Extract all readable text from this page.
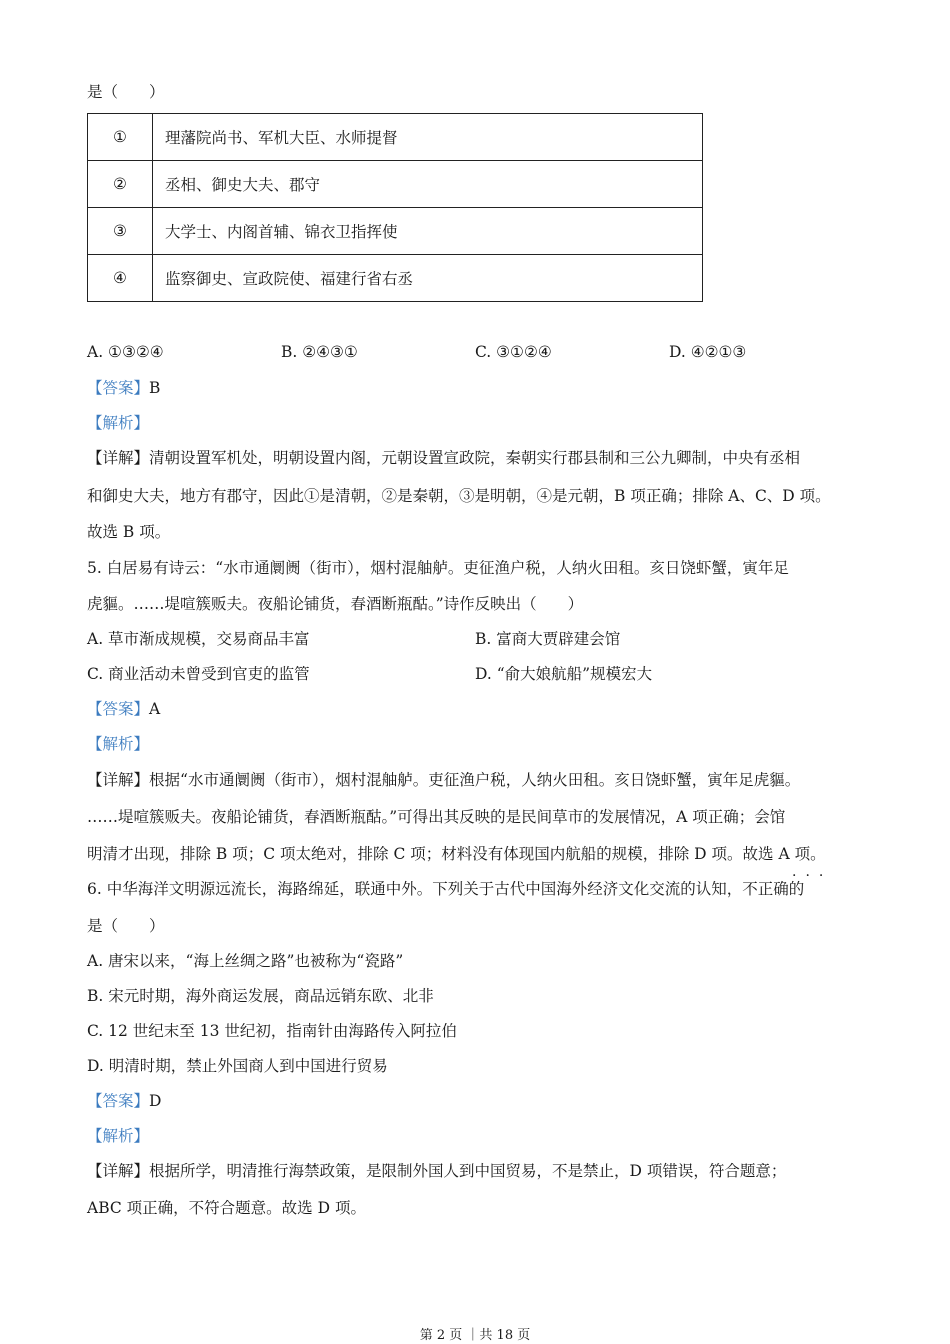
是（　　）
①	理藩院尚书、军机大臣、水师提督
②	丞相、御史大夫、郡守
③	大学士、内阁首辅、锦衣卫指挥使
④	监察御史、宣政院使、福建行省右丞
A. ①③②④	B. ②④③①	C. ③①②④	D. ④②①③
【答案】B
【解析】
【详解】清朝设置军机处，明朝设置内阁，元朝设置宣政院，秦朝实行郡县制和三公九卿制，中央有丞相
和御史大夫，地方有郡守，因此①是清朝，②是秦朝，③是明朝，④是元朝，B 项正确；排除 A、C、D 项。
故选 B 项。
5. 白居易有诗云：“水市通阛阓（街市），烟村混舳舻。吏征渔户税，人纳火田租。亥日饶虾蟹，寅年足
虎貙。……堤喧簇贩夫。夜船论铺货，春酒断瓶酤。”诗作反映出（　　）
A. 草市渐成规模，交易商品丰富	B. 富商大贾辟建会馆
C. 商业活动未曾受到官吏的监管	D. “俞大娘航船”规模宏大
【答案】A
【解析】
【详解】根据“水市通阛阓（街市），烟村混舳舻。吏征渔户税，人纳火田租。亥日饶虾蟹，寅年足虎貙。
……堤喧簇贩夫。夜船论铺货，春酒断瓶酤。”可得出其反映的是民间草市的发展情况，A 项正确；会馆
明清才出现，排除 B 项；C 项太绝对，排除 C 项；材料没有体现国内航船的规模，排除 D 项。故选 A 项。
···
6. 中华海洋文明源远流长，海路绵延，联通中外。下列关于古代中国海外经济文化交流的认知，不正确的
是（　　）
A. 唐宋以来，“海上丝绸之路”也被称为“瓷路”
B. 宋元时期，海外商运发展，商品远销东欧、北非
C. 12 世纪末至 13 世纪初，指南针由海路传入阿拉伯
D. 明清时期，禁止外国商人到中国进行贸易
【答案】D
【解析】
【详解】根据所学，明清推行海禁政策，是限制外国人到中国贸易，不是禁止，D 项错误，符合题意；
ABC 项正确，不符合题意。故选 D 项。
第 2 页 ｜共 18 页
